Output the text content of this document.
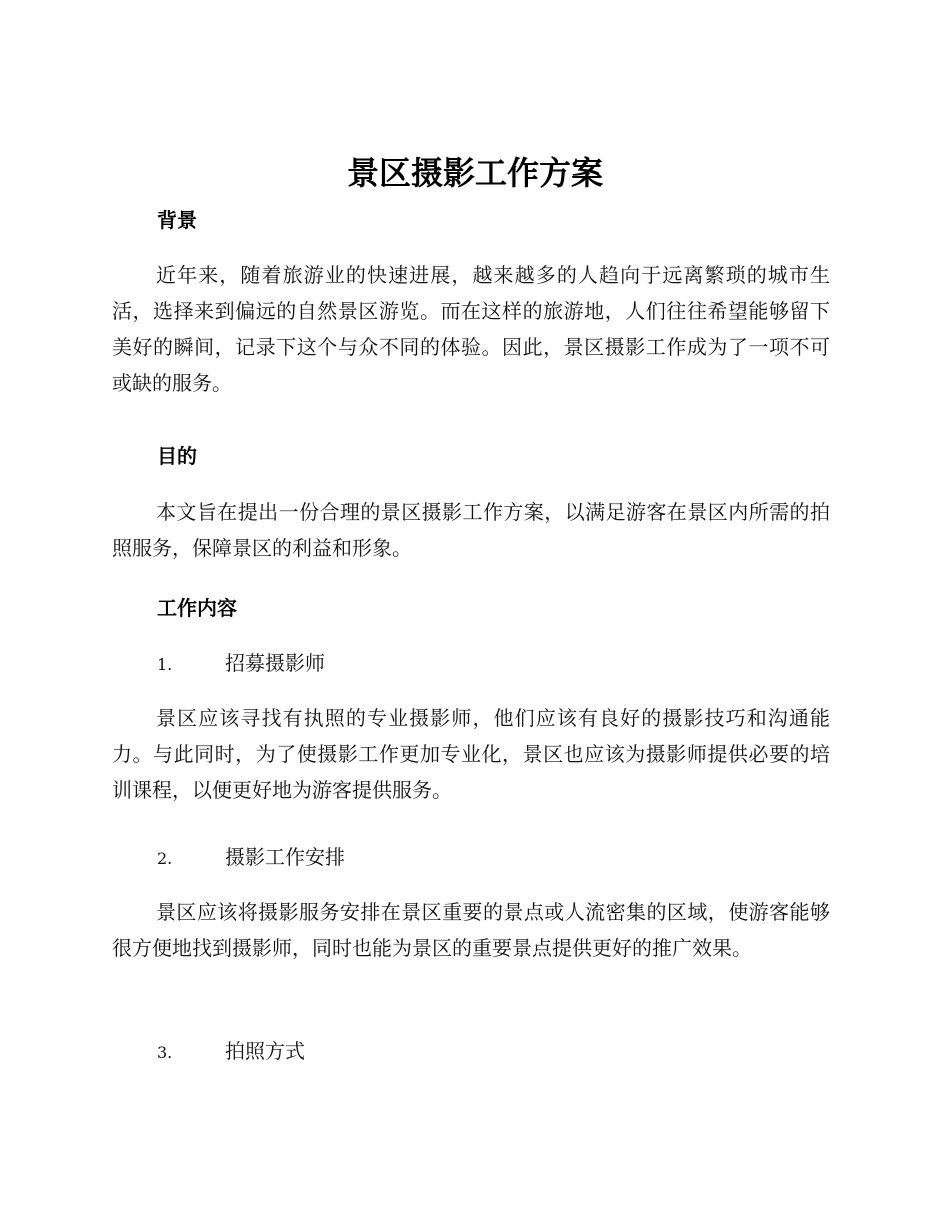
景区摄影工作方案
背景

近年来，随着旅游业的快速进展，越来越多的人趋向于远离繁琐的城市生活，选择来到偏远的自然景区游览。而在这样的旅游地，人们往往希望能够留下美好的瞬间，记录下这个与众不同的体验。因此，景区摄影工作成为了一项不可或缺的服务。

目的

本文旨在提出一份合理的景区摄影工作方案，以满足游客在景区内所需的拍照服务，保障景区的利益和形象。

工作内容
1.	招募摄影师

景区应该寻找有执照的专业摄影师，他们应该有良好的摄影技巧和沟通能力。与此同时，为了使摄影工作更加专业化，景区也应该为摄影师提供必要的培训课程，以便更好地为游客提供服务。

2.	摄影工作安排

景区应该将摄影服务安排在景区重要的景点或人流密集的区域，使游客能够很方便地找到摄影师，同时也能为景区的重要景点提供更好的推广效果。

3.	拍照方式
